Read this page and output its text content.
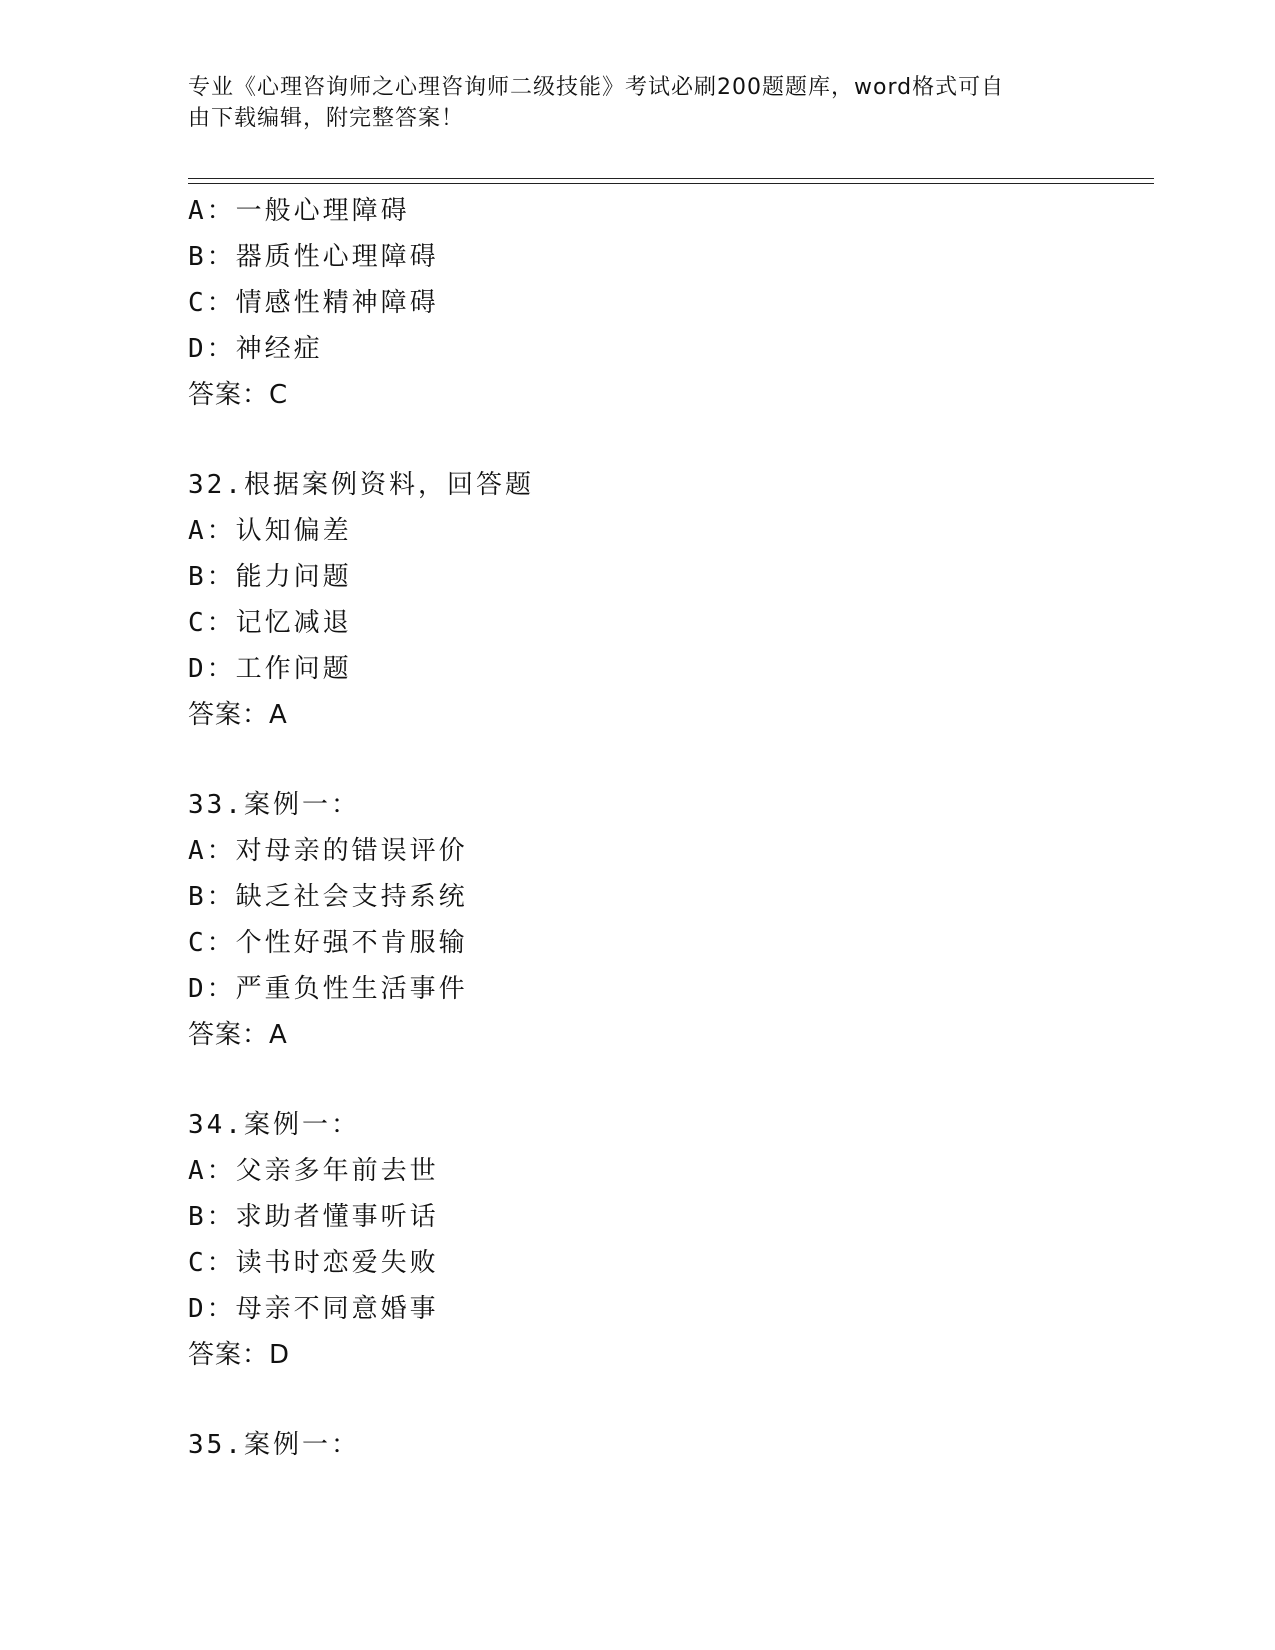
专业《心理咨询师之心理咨询师二级技能》考试必刷200题题库，word格式可自
由下载编辑，附完整答案！
A：一般心理障碍
B：器质性心理障碍
C：情感性精神障碍
D：神经症
答案：C
32.根据案例资料，回答题
A：认知偏差
B：能力问题
C：记忆减退
D：工作问题
答案：A
33.案例一：
A：对母亲的错误评价
B：缺乏社会支持系统
C：个性好强不肯服输
D：严重负性生活事件
答案：A
34.案例一：
A：父亲多年前去世
B：求助者懂事听话
C：读书时恋爱失败
D：母亲不同意婚事
答案：D
35.案例一：
